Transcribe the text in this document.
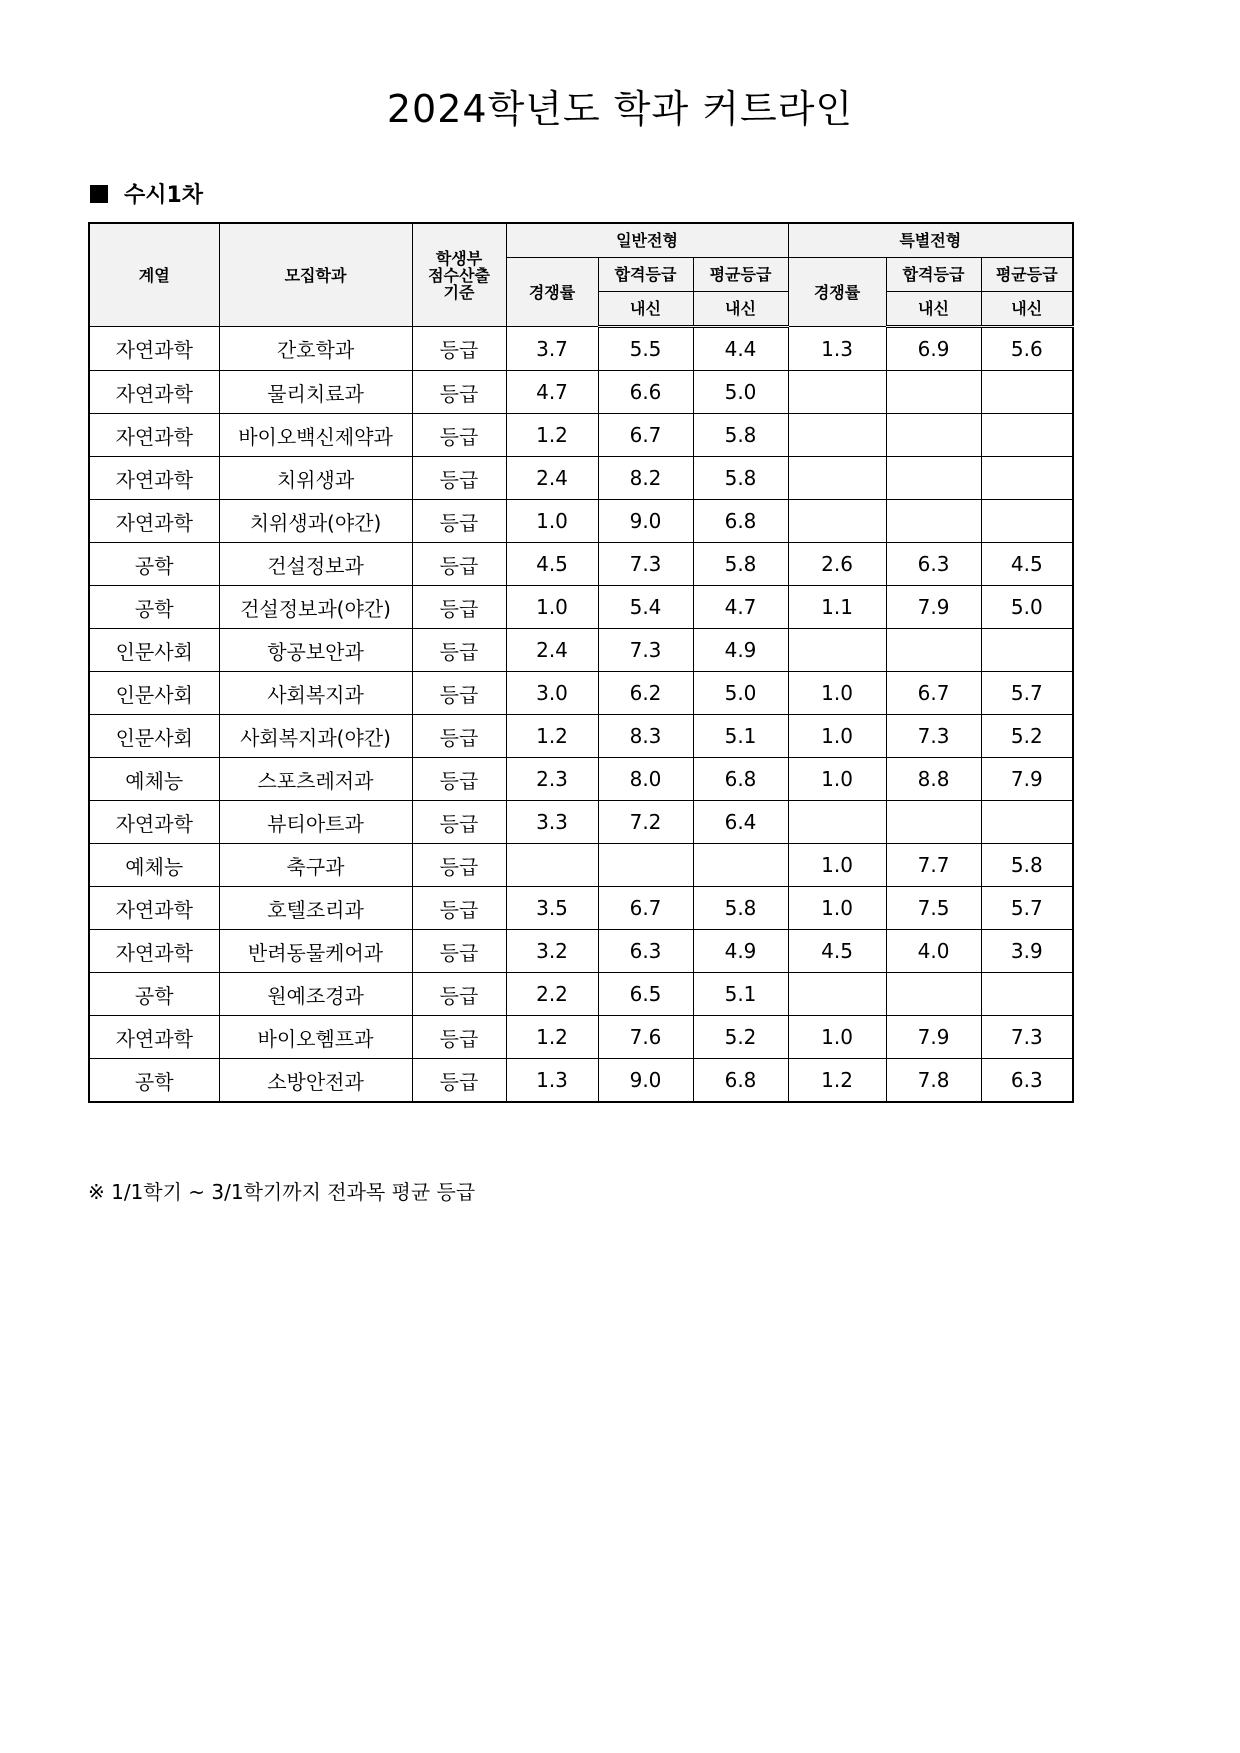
2024학년도 학과 커트라인
수시1차
계열	모집학과	학생부
점수산출
기준	일반전형			특별전형		
			경쟁률	합격등급	평균등급	경쟁률	합격등급	평균등급
				내신	내신		내신	내신
자연과학	간호학과	등급	3.7	5.5	4.4	1.3	6.9	5.6
자연과학	물리치료과	등급	4.7	6.6	5.0			
자연과학	바이오백신제약과	등급	1.2	6.7	5.8			
자연과학	치위생과	등급	2.4	8.2	5.8			
자연과학	치위생과(야간)	등급	1.0	9.0	6.8			
공학	건설정보과	등급	4.5	7.3	5.8	2.6	6.3	4.5
공학	건설정보과(야간)	등급	1.0	5.4	4.7	1.1	7.9	5.0
인문사회	항공보안과	등급	2.4	7.3	4.9			
인문사회	사회복지과	등급	3.0	6.2	5.0	1.0	6.7	5.7
인문사회	사회복지과(야간)	등급	1.2	8.3	5.1	1.0	7.3	5.2
예체능	스포츠레저과	등급	2.3	8.0	6.8	1.0	8.8	7.9
자연과학	뷰티아트과	등급	3.3	7.2	6.4			
예체능	축구과	등급				1.0	7.7	5.8
자연과학	호텔조리과	등급	3.5	6.7	5.8	1.0	7.5	5.7
자연과학	반려동물케어과	등급	3.2	6.3	4.9	4.5	4.0	3.9
공학	원예조경과	등급	2.2	6.5	5.1			
자연과학	바이오헴프과	등급	1.2	7.6	5.2	1.0	7.9	7.3
공학	소방안전과	등급	1.3	9.0	6.8	1.2	7.8	6.3
※ 1/1학기 ~ 3/1학기까지 전과목 평균 등급
